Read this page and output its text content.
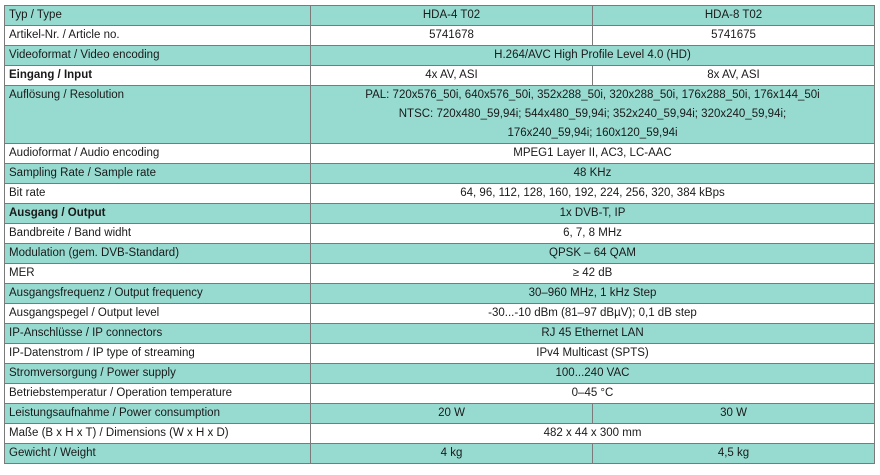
Typ / Type	HDA-4 T02	HDA-8 T02
Artikel-Nr. / Article no.	5741678	5741675
Videoformat / Video encoding	H.264/AVC High Profile Level 4.0 (HD)	
Eingang / Input	4x AV, ASI	8x AV, ASI
Auflösung / Resolution	PAL: 720x576_50i, 640x576_50i, 352x288_50i, 320x288_50i, 176x288_50i, 176x144_50i
NTSC: 720x480_59,94i; 544x480_59,94i; 352x240_59,94i; 320x240_59,94i;
176x240_59,94i; 160x120_59,94i	

Audioformat / Audio encoding	MPEG1 Layer II, AC3, LC-AAC	
Sampling Rate / Sample rate	48 KHz	
Bit rate	64, 96, 112, 128, 160, 192, 224, 256, 320, 384 kBps	
Ausgang / Output	1x DVB-T, IP	
Bandbreite / Band widht	6, 7, 8 MHz	
Modulation (gem. DVB-Standard)	QPSK – 64 QAM	
MER	≥ 42 dB	
Ausgangsfrequenz / Output frequency	30–960 MHz, 1 kHz Step	
Ausgangspegel / Output level	-30...-10 dBm (81–97 dBµV); 0,1 dB step	
IP-Anschlüsse / IP connectors	RJ 45 Ethernet LAN	
IP-Datenstrom / IP type of streaming	IPv4 Multicast (SPTS)	
Stromversorgung / Power supply	100...240 VAC	
Betriebstemperatur / Operation temperature	0–45 °C	
Leistungsaufnahme / Power consumption	20 W	30 W
Maße (B x H x T) / Dimensions (W x H x D)	482 x 44 x 300 mm	
Gewicht / Weight	4 kg	4,5 kg
